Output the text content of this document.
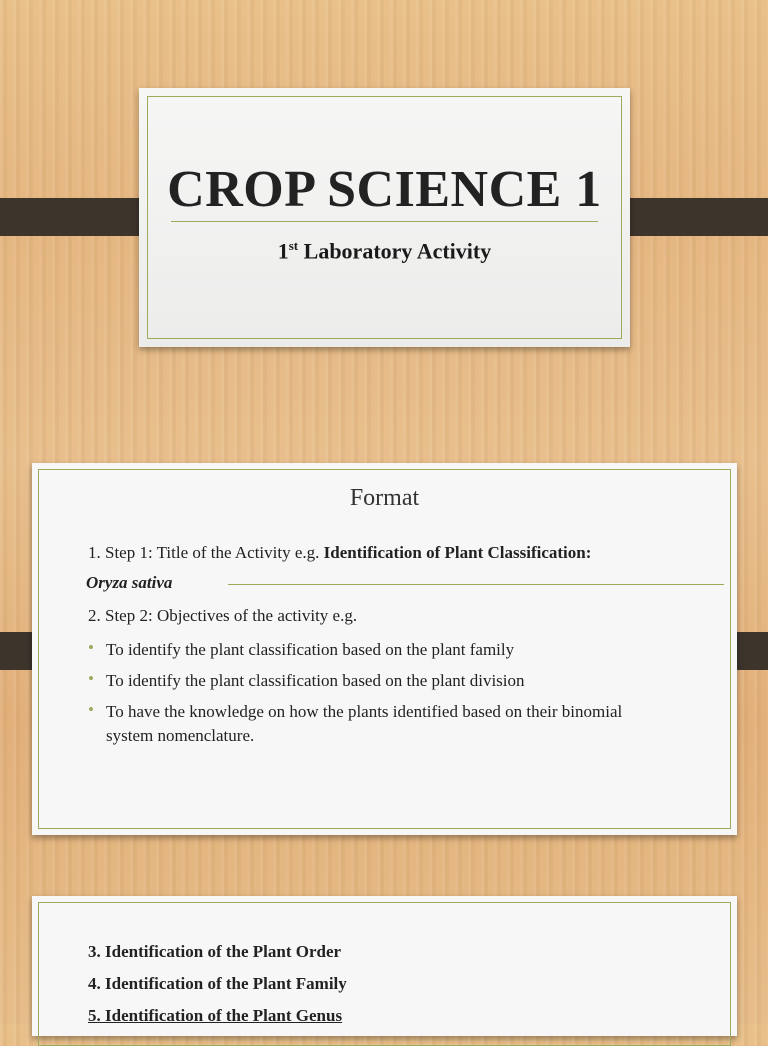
CROP SCIENCE 1
1st Laboratory Activity
Format
1. Step 1: Title of the Activity e.g. Identification of Plant Classification:
Oryza sativa
2. Step 2: Objectives of the activity e.g.
• To identify the plant classification based on the plant family
• To identify the plant classification based on the plant division
• To have the knowledge on how the plants identified based on their binomial system nomenclature.
3. Identification of the Plant Order
4. Identification of the Plant Family
5. Identification of the Plant Genus
